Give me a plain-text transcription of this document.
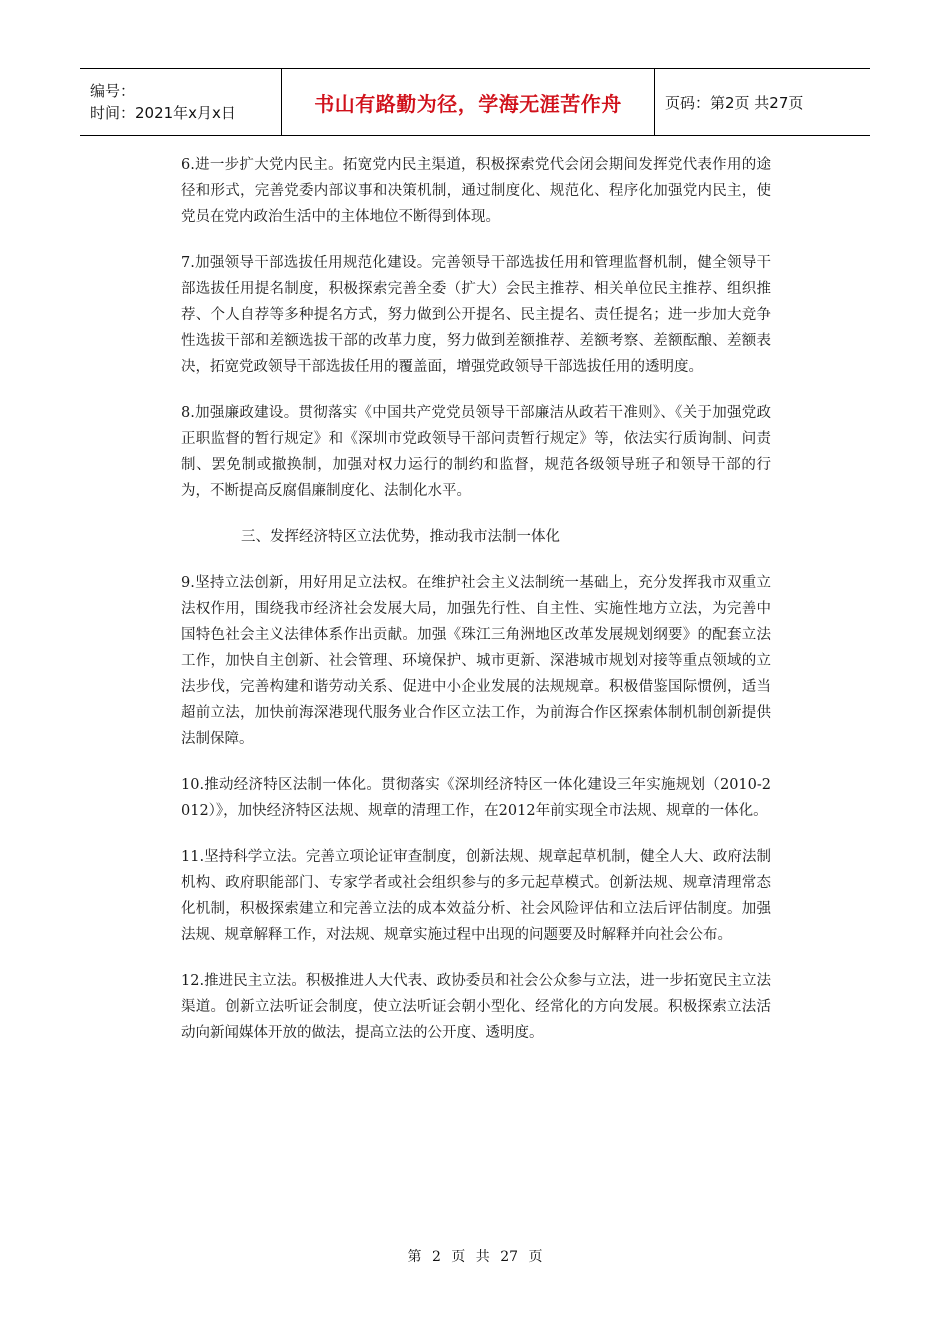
编号：
时间：2021年x月x日	书山有路勤为径，学海无涯苦作舟	页码：第2页 共27页

6.进一步扩大党内民主。拓宽党内民主渠道，积极探索党代会闭会期间发挥党代表作用的途径和形式，完善党委内部议事和决策机制，通过制度化、规范化、程序化加强党内民主，使党员在党内政治生活中的主体地位不断得到体现。

7.加强领导干部选拔任用规范化建设。完善领导干部选拔任用和管理监督机制，健全领导干部选拔任用提名制度，积极探索完善全委（扩大）会民主推荐、相关单位民主推荐、组织推荐、个人自荐等多种提名方式，努力做到公开提名、民主提名、责任提名；进一步加大竞争性选拔干部和差额选拔干部的改革力度，努力做到差额推荐、差额考察、差额酝酿、差额表决，拓宽党政领导干部选拔任用的覆盖面，增强党政领导干部选拔任用的透明度。

8.加强廉政建设。贯彻落实《中国共产党党员领导干部廉洁从政若干准则》、《关于加强党政正职监督的暂行规定》和《深圳市党政领导干部问责暂行规定》等，依法实行质询制、问责制、罢免制或撤换制，加强对权力运行的制约和监督，规范各级领导班子和领导干部的行为，不断提高反腐倡廉制度化、法制化水平。

三、发挥经济特区立法优势，推动我市法制一体化

9.坚持立法创新，用好用足立法权。在维护社会主义法制统一基础上，充分发挥我市双重立法权作用，围绕我市经济社会发展大局，加强先行性、自主性、实施性地方立法，为完善中国特色社会主义法律体系作出贡献。加强《珠江三角洲地区改革发展规划纲要》的配套立法工作，加快自主创新、社会管理、环境保护、城市更新、深港城市规划对接等重点领域的立法步伐，完善构建和谐劳动关系、促进中小企业发展的法规规章。积极借鉴国际惯例，适当超前立法，加快前海深港现代服务业合作区立法工作，为前海合作区探索体制机制创新提供法制保障。

10.推动经济特区法制一体化。贯彻落实《深圳经济特区一体化建设三年实施规划（2010-2012）》，加快经济特区法规、规章的清理工作，在2012年前实现全市法规、规章的一体化。

11.坚持科学立法。完善立项论证审查制度，创新法规、规章起草机制，健全人大、政府法制机构、政府职能部门、专家学者或社会组织参与的多元起草模式。创新法规、规章清理常态化机制，积极探索建立和完善立法的成本效益分析、社会风险评估和立法后评估制度。加强法规、规章解释工作，对法规、规章实施过程中出现的问题要及时解释并向社会公布。

12.推进民主立法。积极推进人大代表、政协委员和社会公众参与立法，进一步拓宽民主立法渠道。创新立法听证会制度，使立法听证会朝小型化、经常化的方向发展。积极探索立法活动向新闻媒体开放的做法，提高立法的公开度、透明度。

第 2 页 共 27 页
